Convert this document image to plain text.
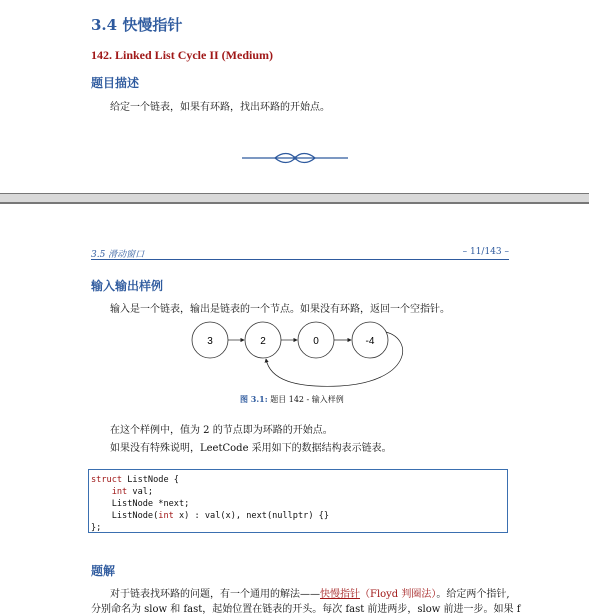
3.4 快慢指针
142. Linked List Cycle II (Medium)
题目描述
给定一个链表，如果有环路，找出环路的开始点。
3.5 滑动窗口	– 11/143 –
输入输出样例
输入是一个链表，输出是链表的一个节点。如果没有环路，返回一个空指针。
3	2	0	-4
图 3.1: 题目 142 - 输入样例
在这个样例中，值为 2 的节点即为环路的开始点。
如果没有特殊说明，LeetCode 采用如下的数据结构表示链表。
struct ListNode {
int val;
ListNode *next;
ListNode(int x) : val(x), next(nullptr) {}
};
题解
对于链表找环路的问题，有一个通用的解法——快慢指针（Floyd 判圈法）。给定两个指针,
分别命名为 slow 和 fast，起始位置在链表的开头。每次 fast 前进两步，slow 前进一步。如果 f
